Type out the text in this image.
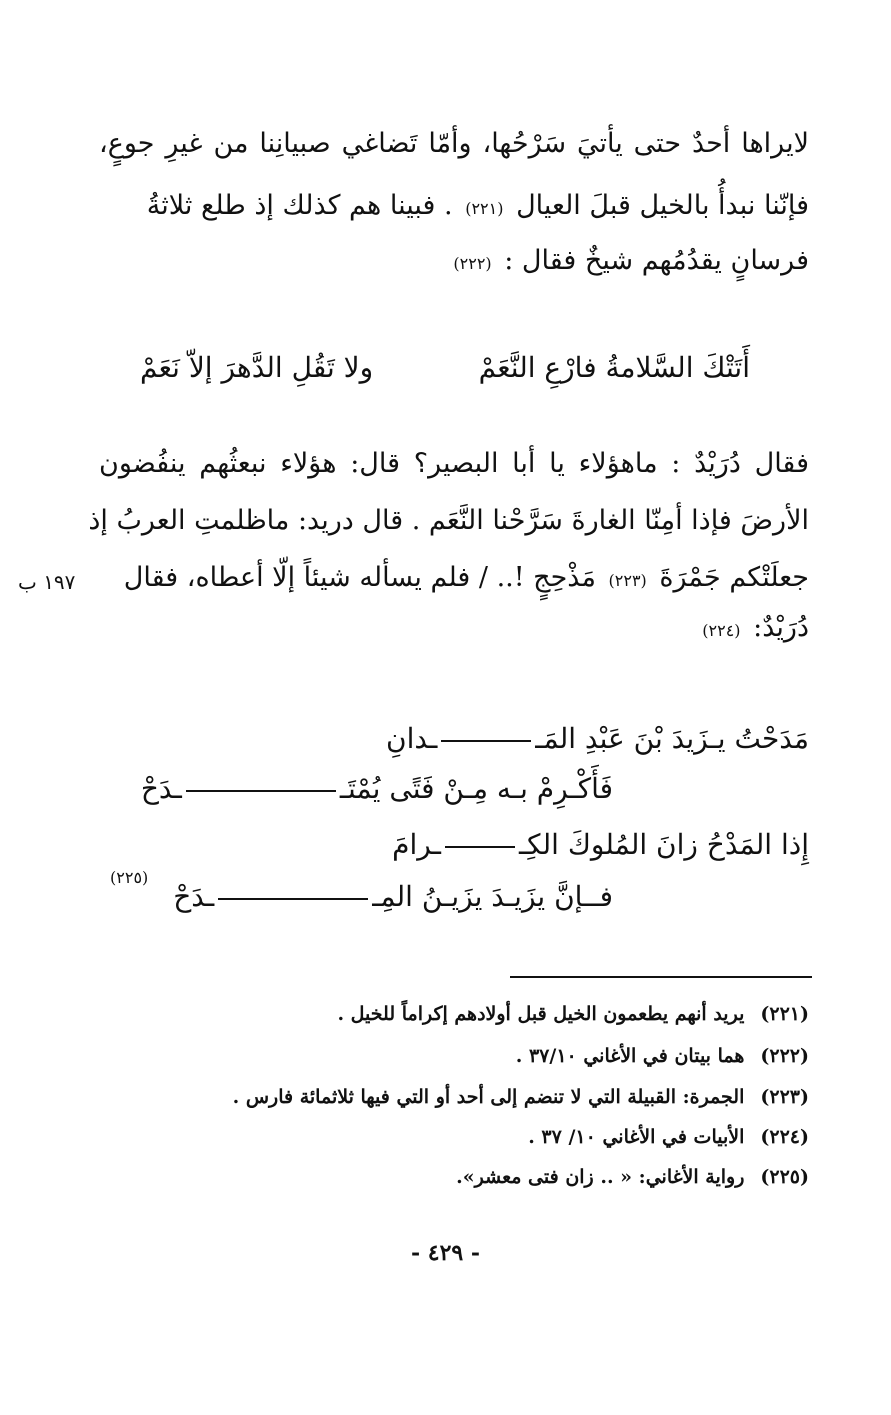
لايراها أحدٌ حتى يأتيَ سَرْحُها، وأمّا تَضاغي صبيانِنا من غيرِ جوعٍ،
فإنّنا نبدأُ بالخيل قبلَ العيال (٢٢١) . فبينا هم كذلك إذ طلع ثلاثةُ
فرسانٍ يقدُمُهم شيخٌ فقال : (٢٢٢)
أَتَتْكَ السَّلامةُ فارْعِ النَّعَمْ
ولا تَقُلِ الدَّهرَ إلاّ نَعَمْ
فقال دُرَيْدٌ : ماهؤلاء يا أبا البصير؟ قال: هؤلاء نبعثُهم ينفُضون
الأرضَ فإذا أمِنّا الغارةَ سَرَّحْنا النَّعَم . قال دريد: ماظلمتِ العربُ إذ
جعلَتْكم جَمْرَةَ (٢٢٣) مَذْحِجٍ !.. / فلم يسأله شيئاً إلّا أعطاه، فقال
دُرَيْدٌ: (٢٢٤)
١٩٧ ب
مَدَحْتُ يـزَيدَ بْنَ عَبْدِ المَــدانِ
فَأَكْـرِمْ بـه مِـنْ فَتًى يُمْتَــدَحْ
إِذا المَدْحُ زانَ المُلوكَ الكِــرامَ
فــإنَّ يزَيـدَ يزَيـنُ المِــدَحْ
(٢٢٥)
(٢٢١) يريد أنهم يطعمون الخيل قبل أولادهم إكراماً للخيل .
(٢٢٢) هما بيتان في الأغاني ٣٧/١٠ .
(٢٢٣) الجمرة: القبيلة التي لا تنضم إلى أحد أو التي فيها ثلاثمائة فارس .
(٢٢٤) الأبيات في الأغاني ١٠/ ٣٧ .
(٢٢٥) رواية الأغاني: « .. زان فتى معشر».
- ٤٢٩ -
